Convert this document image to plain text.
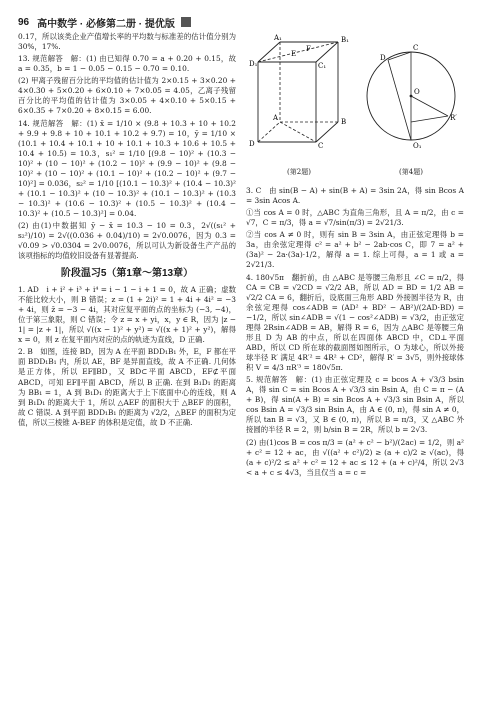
96 高中数学 · 必修第二册 · 提优版

0.17，所以该类企业产值增长率的平均数与标准差的估计值分别为30%，17%.

13. 规范解答　解：(1) 由已知得 0.70 = a + 0.20 + 0.15，故 a = 0.35，b = 1 − 0.05 − 0.15 − 0.70 = 0.10.

(2) 甲离子残留百分比的平均值的估计值为 2×0.15 + 3×0.20 + 4×0.30 + 5×0.20 + 6×0.10 + 7×0.05 = 4.05，乙离子残留百分比的平均值的估计值为 3×0.05 + 4×0.10 + 5×0.15 + 6×0.35 + 7×0.20 + 8×0.15 = 6.00.

14. 规范解答　解：(1) x̄ = 1/10 × (9.8 + 10.3 + 10 + 10.2 + 9.9 + 9.8 + 10 + 10.1 + 10.2 + 9.7) = 10，ȳ = 1/10 × (10.1 + 10.4 + 10.1 + 10 + 10.1 + 10.3 + 10.6 + 10.5 + 10.4 + 10.5) = 10.3，s₁² = 1/10 [(9.8 − 10)² + (10.3 − 10)² + (10 − 10)² + (10.2 − 10)² + (9.9 − 10)² + (9.8 − 10)² + (10 − 10)² + (10.1 − 10)² + (10.2 − 10)² + (9.7 − 10)²] = 0.036，s₂² = 1/10 [(10.1 − 10.3)² + (10.4 − 10.3)² + (10.1 − 10.3)² + (10 − 10.3)² + (10.1 − 10.3)² + (10.3 − 10.3)² + (10.6 − 10.3)² + (10.5 − 10.3)² + (10.4 − 10.3)² + (10.5 − 10.3)²] = 0.04.

(2) 由(1)中数据知 ȳ − x̄ = 10.3 − 10 = 0.3，2√((s₁² + s₂²)/10) = 2√((0.036 + 0.04)/10) = 2√0.0076，因为 0.3 = √0.09 > √0.0304 = 2√0.0076，所以可认为新设备生产产品的该项指标的均值较旧设备有显著提高.

阶段温习5（第1章～第13章）

1. AD　i + i² + i³ + i⁴ = i − 1 − i + 1 = 0，故 A 正确；虚数不能比较大小，则 B 错误；z = (1 + 2i)² = 1 + 4i + 4i² = −3 + 4i，则 z̄ = −3 − 4i，其对应复平面的点的坐标为 (−3, −4)，位于第三象限，则 C 错误；令 z = x + yi，x，y ∈ R，因为 |z − 1| = |z + 1|，所以 √((x − 1)² + y²) = √((x + 1)² + y²)，解得 x = 0，则 z 在复平面内对应的点的轨迹为直线，D 正确.

2. B　如图，连接 BD，因为 A 在平面 BDD₁B₁ 外，E，F 都在平面 BDD₁B₁ 内，所以 AE，BF 是异面直线，故 A 不正确. 几何体是正方体，所以 EF∥BD，又 BD⊂平面 ABCD，EF⊄平面 ABCD，可知 EF∥平面 ABCD，所以 B 正确. 在到 B₁D₁ 的距离为 BB₁ = 1，A 到 B₁D₁ 的距离大于上下底面中心的连线，则 A 到 B₁D₁ 的距离大于 1，所以 △AEF 的面积大于 △BEF 的面积，故 C 错误. A 到平面 BDD₁B₁ 的距离为 √2/2，△BEF 的面积为定值，所以三棱锥 A-BEF 的体积是定值，故 D 不正确.

D₁
A₁	B₁
C₁
D	C
B
A
E
F
(第2题)
C
D
O
R′
O₁
(第4题)

3. C　由 sin(B − A) + sin(B + A) = 3sin 2A，得 sin Bcos A = 3sin Acos A.

①当 cos A = 0 时，△ABC 为直角三角形，且 A = π/2，由 c = √7，C = π/3，得 a = √7/sin(π/3) = 2√21/3.

②当 cos A ≠ 0 时，则有 sin B = 3sin A，由正弦定理得 b = 3a，由余弦定理得 c² = a² + b² − 2ab·cos C，即 7 = a² + (3a)² − 2a·(3a)·1/2，解得 a = 1. 综上可得，a = 1 或 a = 2√21/3.

4. 180√5π　翻折前，由 △ABC 是等腰三角形且 ∠C = π/2，得 CA = CB = √2CD = √2/2 AB，所以 AD = BD = 1/2 AB = √2/2 CA = 6，翻折后，设底面三角形 ABD 外接圆半径为 R，由余弦定理得 cos∠ADB = (AD² + BD² − AB²)/(2AD·BD) = −1/2，所以 sin∠ADB = √(1 − cos²∠ADB) = √3/2，由正弦定理得 2Rsin∠ADB = AB，解得 R = 6，因为 △ABC 是等腰三角形且 D 为 AB 的中点，所以在四面体 ABCD 中，CD⊥平面 ABD，所以 CD 所在球的截面图如图所示，O 为球心，所以外接球半径 R′ 满足 4R′² = 4R² + CD²，解得 R′ = 3√5，则外接球体积 V = 4/3 πR′³ = 180√5π.

5. 规范解答　解：(1) 由正弦定理及 c = bcos A + √3/3 bsin A，得 sin C = sin Bcos A + √3/3 sin Bsin A，由 C = π − (A + B)，得 sin(A + B) = sin Bcos A + √3/3 sin Bsin A，所以 cos Bsin A = √3/3 sin Bsin A，由 A ∈ (0, π)，得 sin A ≠ 0，所以 tan B = √3，又 B ∈ (0, π)，所以 B = π/3，又 △ABC 外接圆的半径 R = 2，则 b/sin B = 2R，所以 b = 2√3.

(2) 由(1)cos B = cos π/3 = (a² + c² − b²)/(2ac) = 1/2，则 a² + c² = 12 + ac，由 √((a² + c²)/2) ≥ (a + c)/2 ≥ √(ac)，得 (a + c)²/2 ≤ a² + c² = 12 + ac ≤ 12 + (a + c)²/4，所以 2√3 < a + c ≤ 4√3，当且仅当 a = c =
